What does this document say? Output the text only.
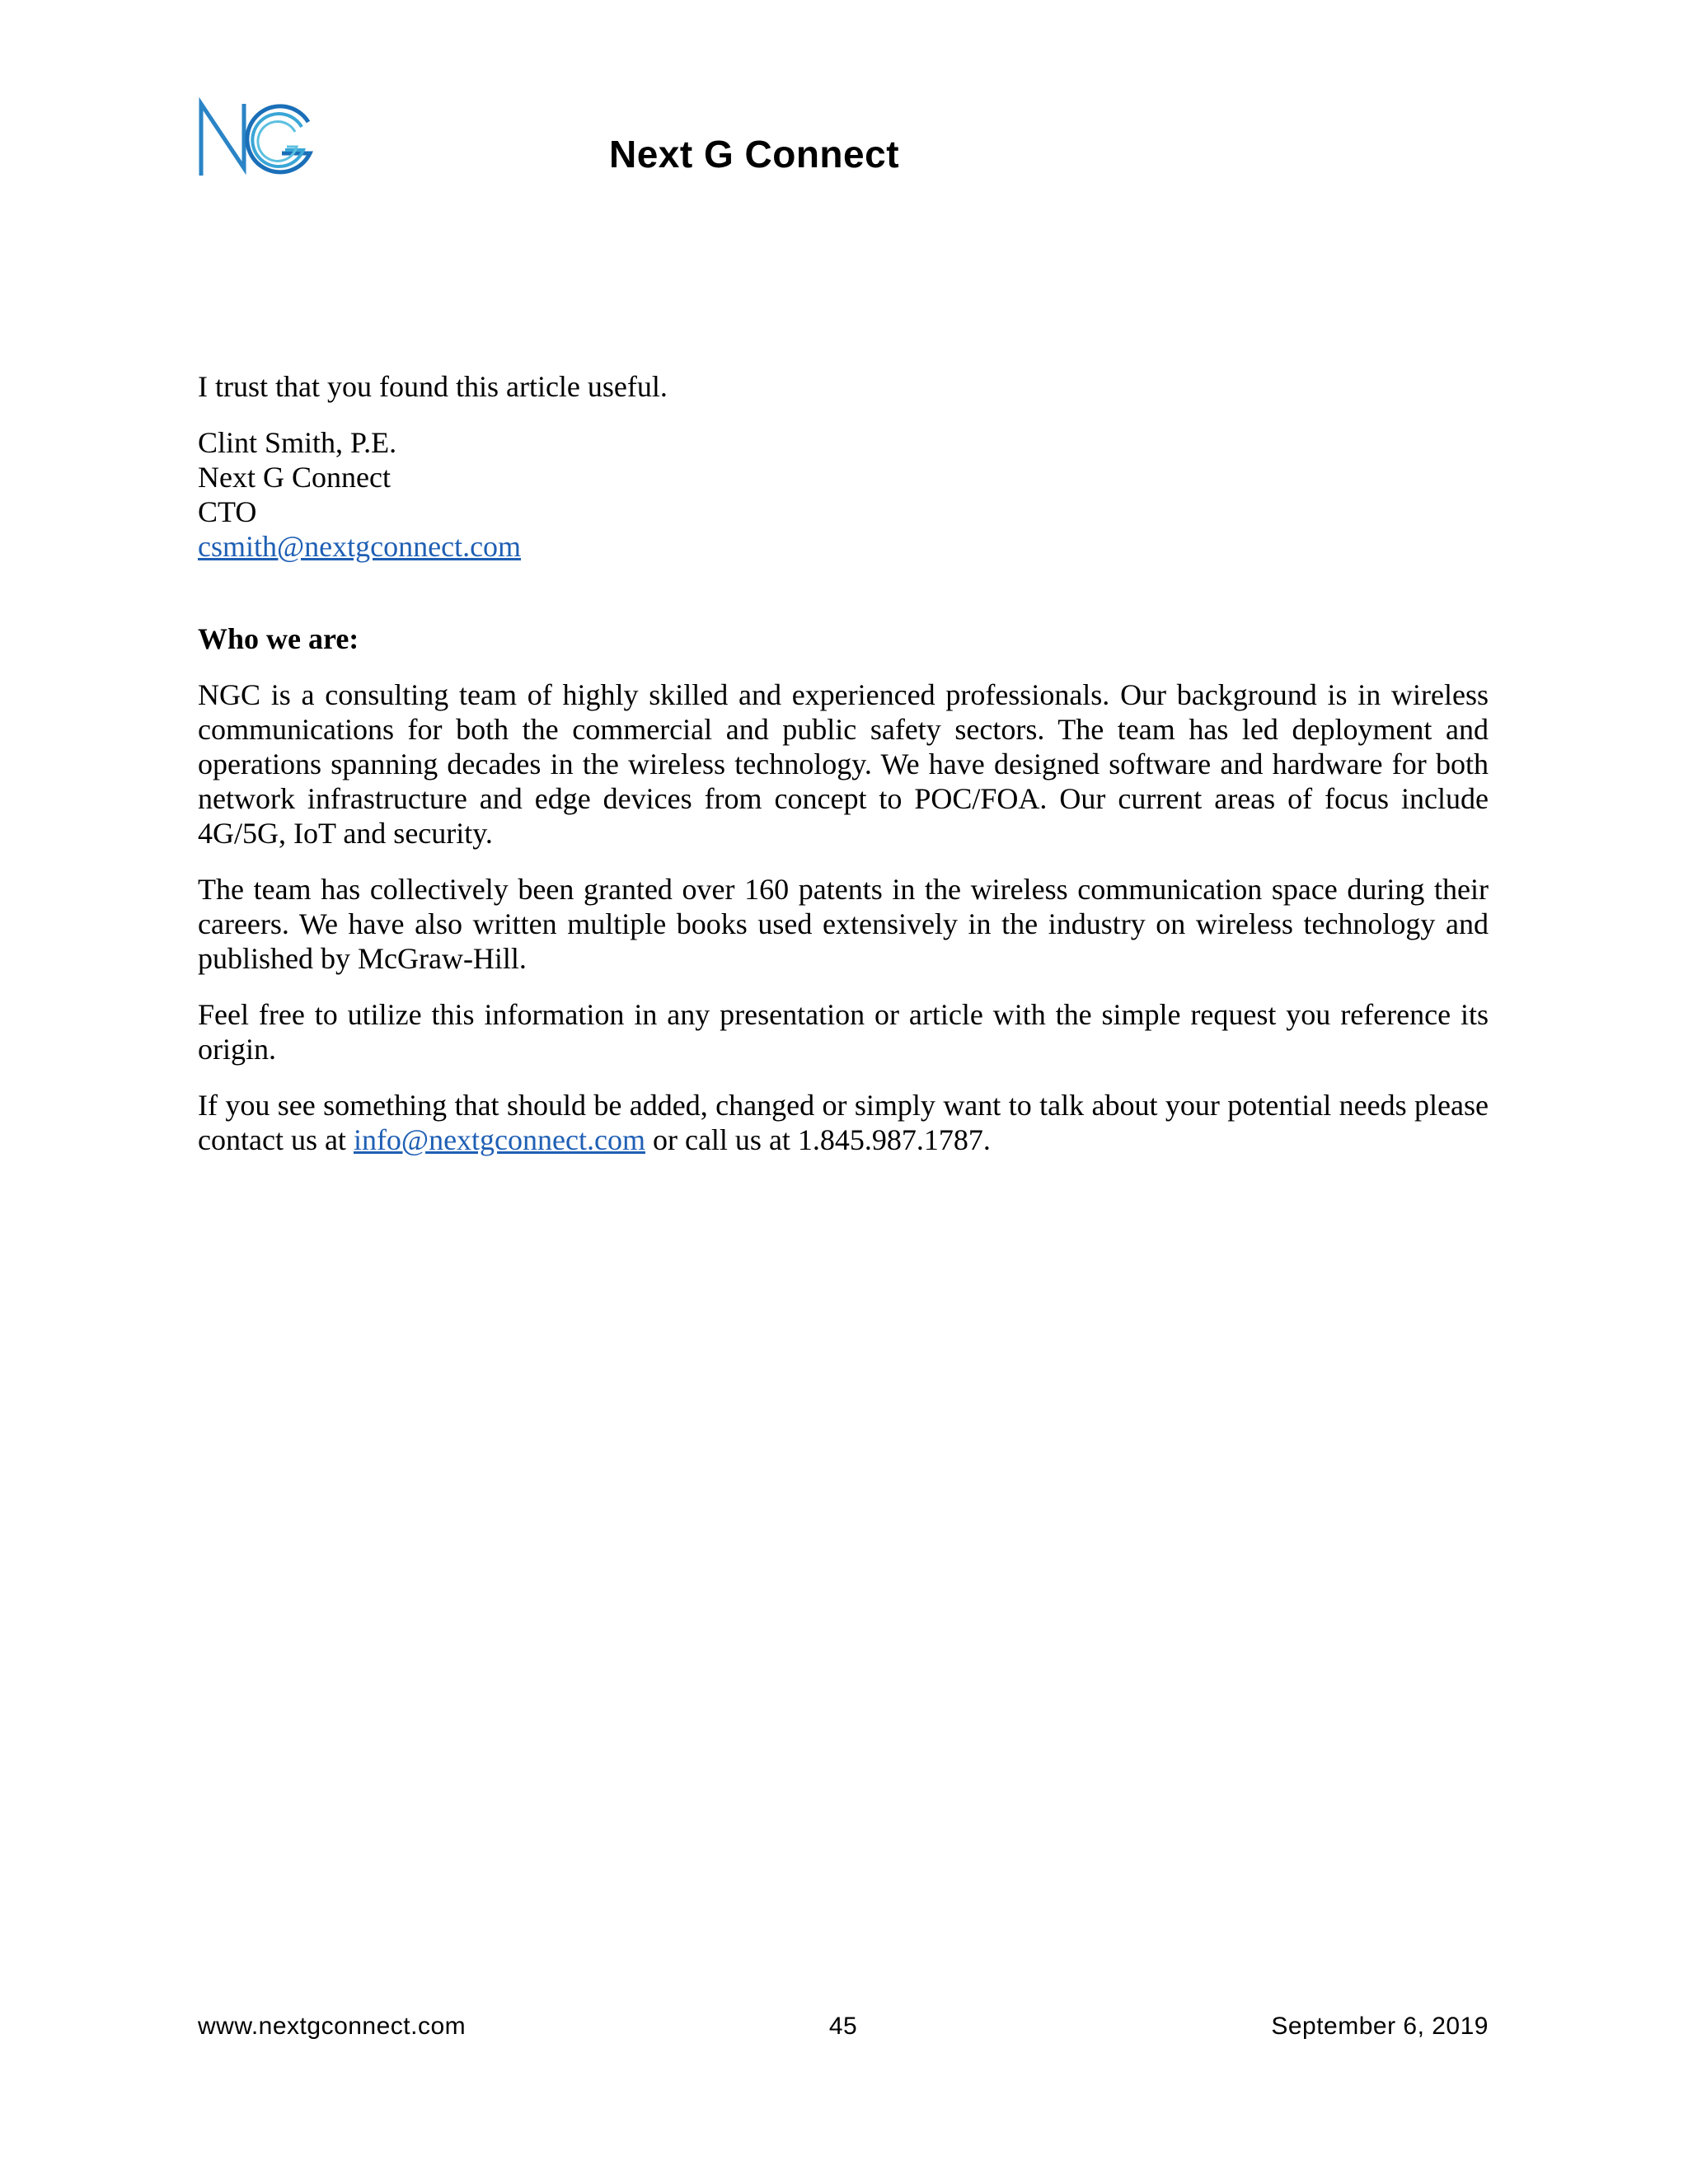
Next G Connect

I trust that you found this article useful.

Clint Smith, P.E.
Next G Connect
CTO
csmith@nextgconnect.com

Who we are:

NGC is a consulting team of highly skilled and experienced professionals. Our background is in wireless communications for both the commercial and public safety sectors. The team has led deployment and operations spanning decades in the wireless technology. We have designed software and hardware for both network infrastructure and edge devices from concept to POC/FOA. Our current areas of focus include 4G/5G, IoT and security.

The team has collectively been granted over 160 patents in the wireless communication space during their careers. We have also written multiple books used extensively in the industry on wireless technology and published by McGraw-Hill.

Feel free to utilize this information in any presentation or article with the simple request you reference its origin.

If you see something that should be added, changed or simply want to talk about your potential needs please contact us at info@nextgconnect.com or call us at 1.845.987.1787.

www.nextgconnect.com	45	September 6, 2019
